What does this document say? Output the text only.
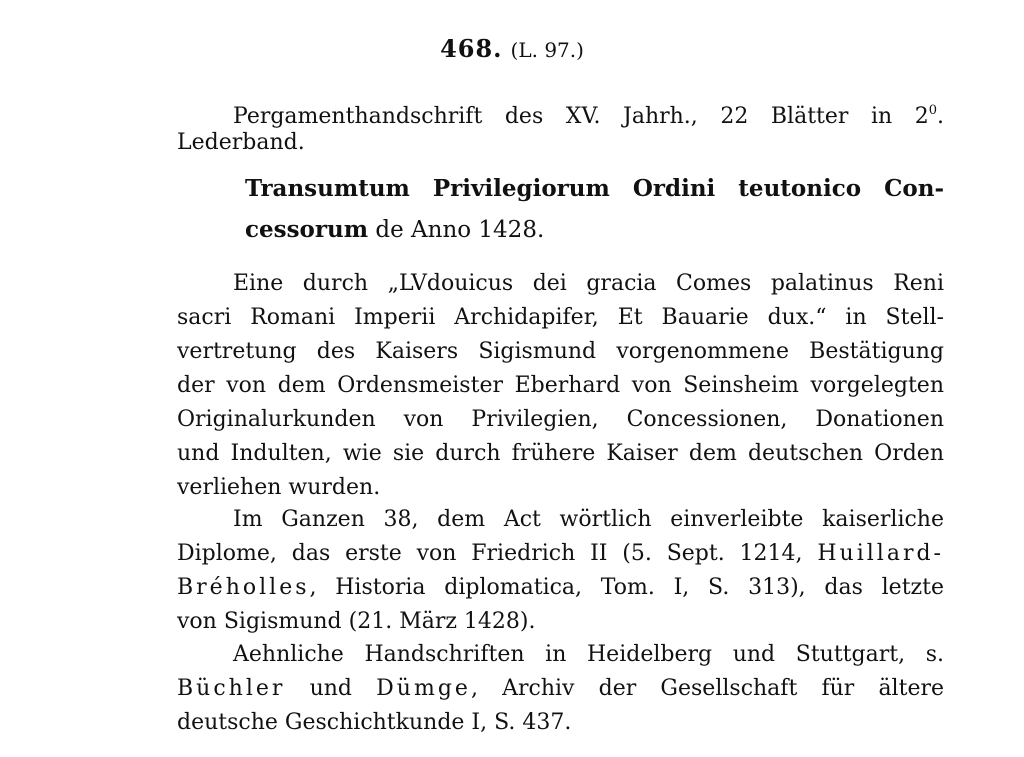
468. (L. 97.)
Pergamenthandschrift des XV. Jahrh., 22 Blätter in $2^0$.
Lederband.
Transumtum Privilegiorum Ordini teutonico Con-
cessorum de Anno 1428.
Eine durch „LVdouicus dei gracia Comes palatinus Reni
sacri Romani Imperii Archidapifer, Et Bauarie dux.“ in Stell-
vertretung des Kaisers Sigismund vorgenommene Bestätigung
der von dem Ordensmeister Eberhard von Seinsheim vorgelegten
Originalurkunden von Privilegien, Concessionen, Donationen
und Indulten, wie sie durch frühere Kaiser dem deutschen Orden
verliehen wurden.
Im Ganzen 38, dem Act wörtlich einverleibte kaiserliche
Diplome, das erste von Friedrich II (5. Sept. 1214, Huillard-
Bréholles, Historia diplomatica, Tom. I, S. 313), das letzte
von Sigismund (21. März 1428).
Aehnliche Handschriften in Heidelberg und Stuttgart, s.
Büchler und Dümge, Archiv der Gesellschaft für ältere
deutsche Geschichtkunde I, S. 437.
